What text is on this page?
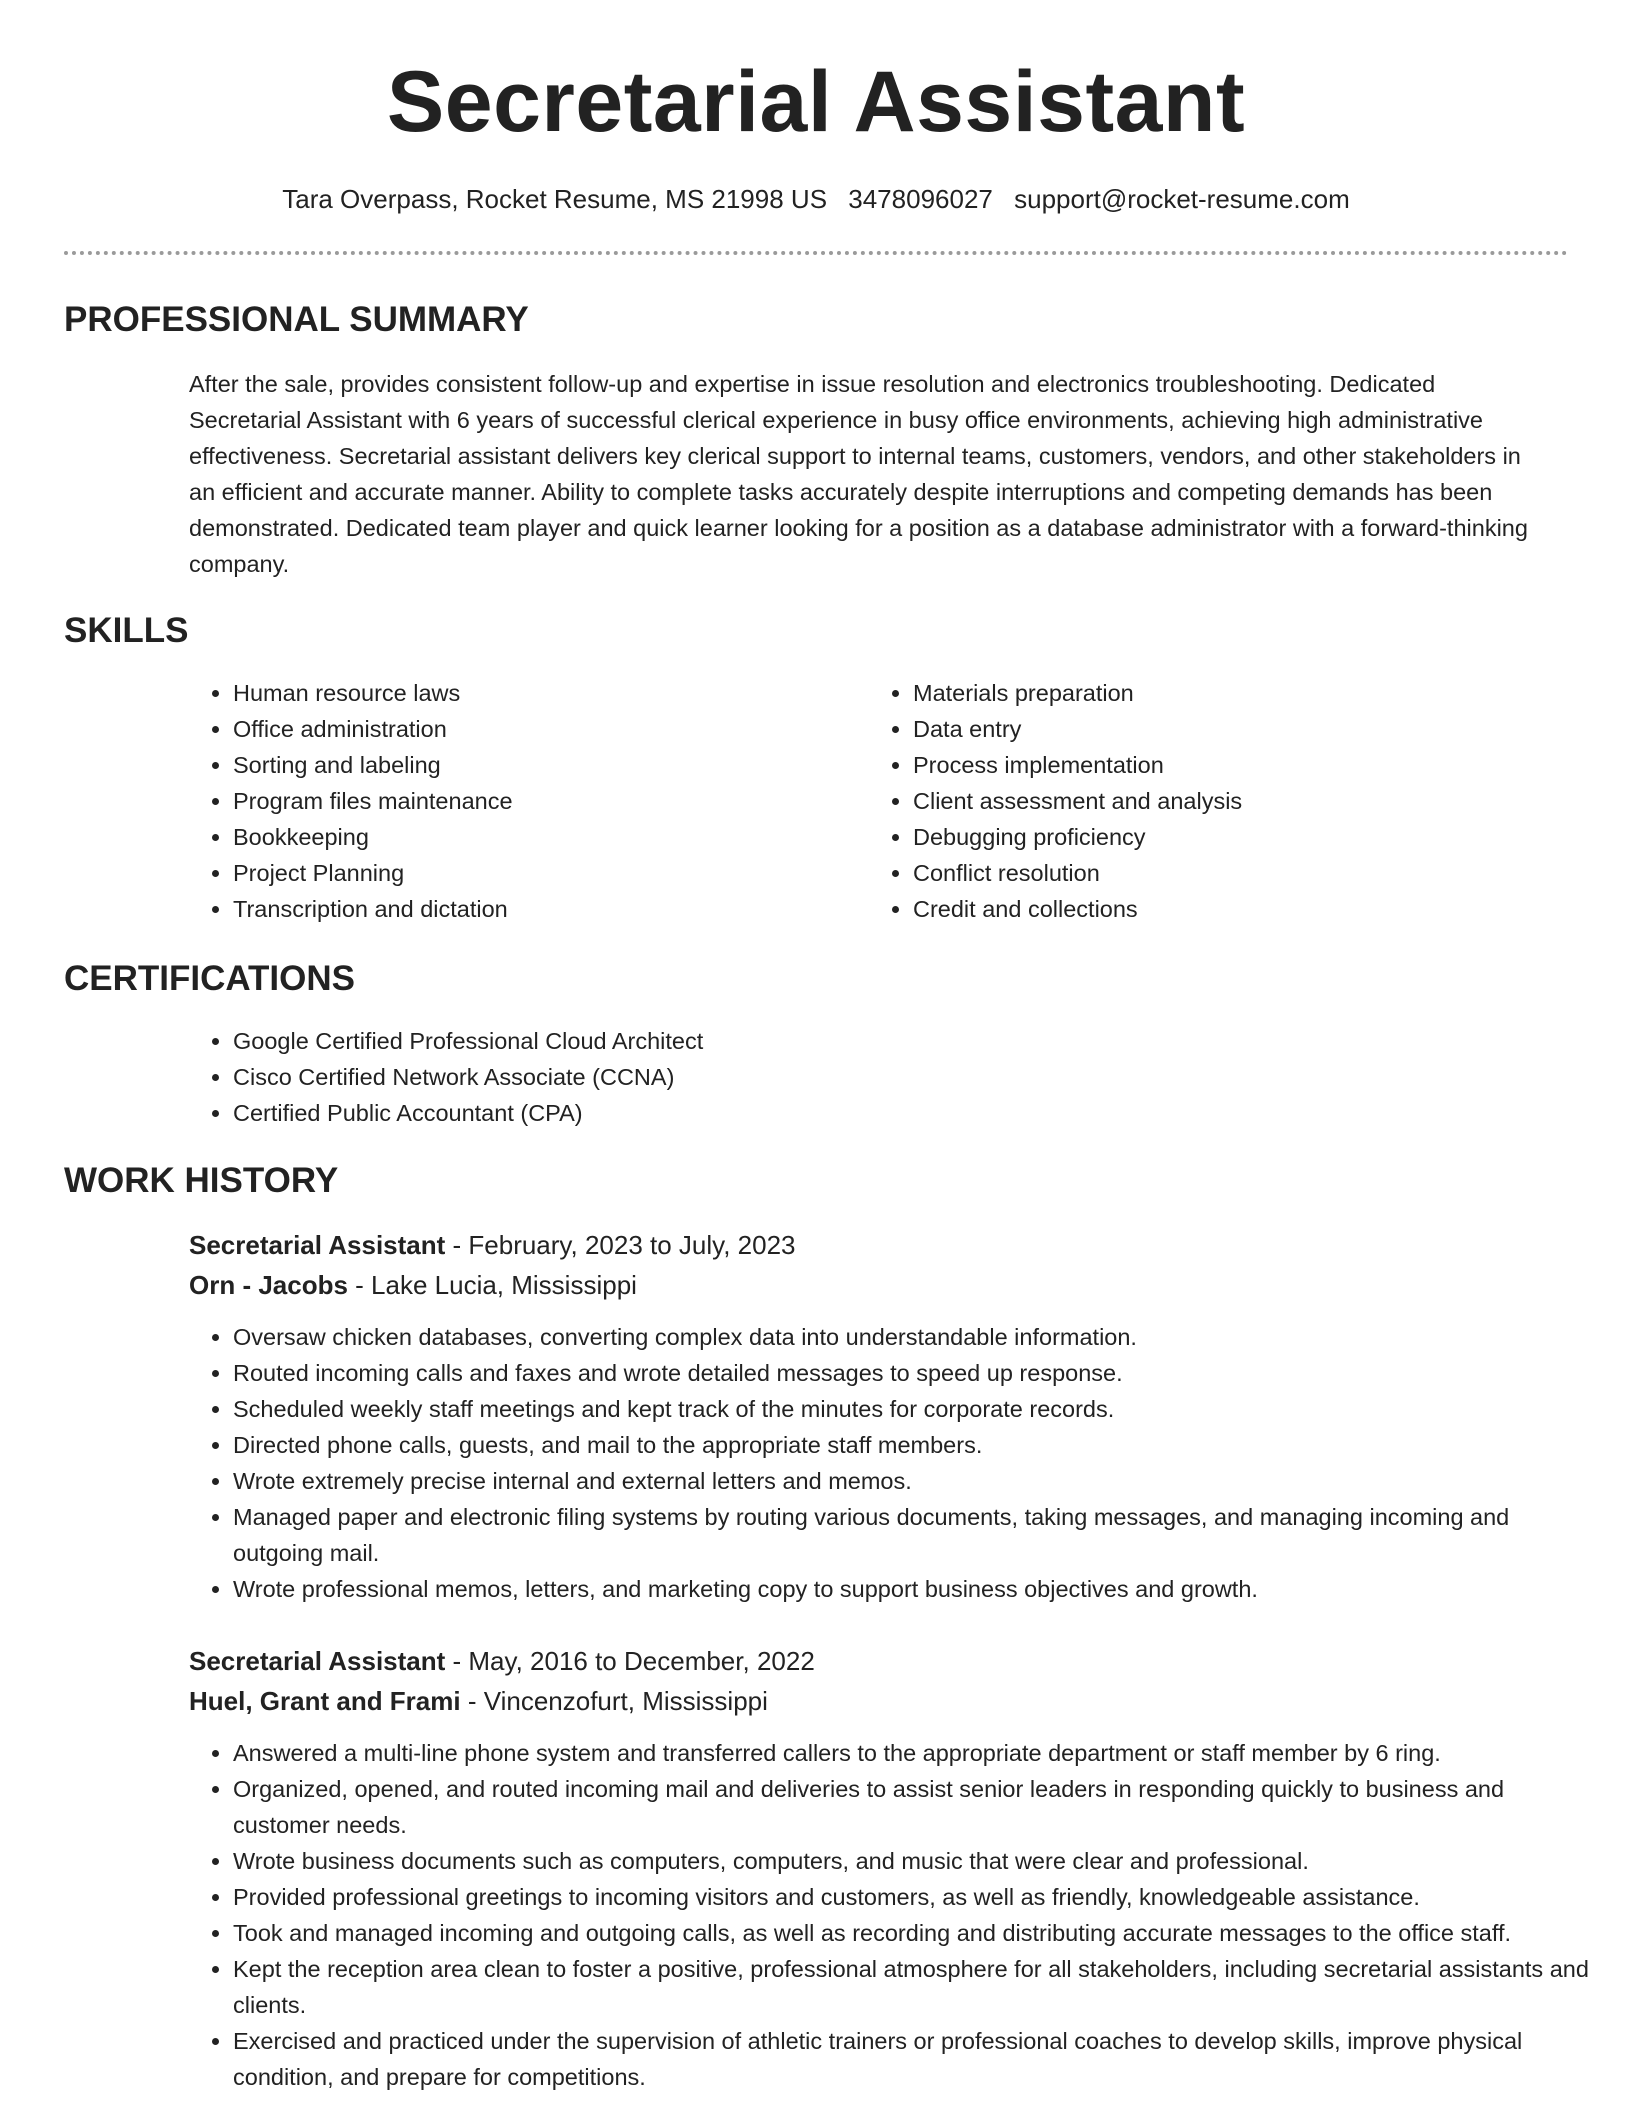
Secretarial Assistant
Tara Overpass, Rocket Resume, MS 21998 US 3478096027 support@rocket-resume.com
PROFESSIONAL SUMMARY

After the sale, provides consistent follow-up and expertise in issue resolution and electronics troubleshooting. Dedicated Secretarial Assistant with 6 years of successful clerical experience in busy office environments, achieving high administrative effectiveness. Secretarial assistant delivers key clerical support to internal teams, customers, vendors, and other stakeholders in an efficient and accurate manner. Ability to complete tasks accurately despite interruptions and competing demands has been demonstrated. Dedicated team player and quick learner looking for a position as a database administrator with a forward-thinking company.

SKILLS
• Human resource laws
• Office administration
• Sorting and labeling
• Program files maintenance
• Bookkeeping
• Project Planning
• Transcription and dictation
• Materials preparation
• Data entry
• Process implementation
• Client assessment and analysis
• Debugging proficiency
• Conflict resolution
• Credit and collections
CERTIFICATIONS
• Google Certified Professional Cloud Architect
• Cisco Certified Network Associate (CCNA)
• Certified Public Accountant (CPA)
WORK HISTORY
Secretarial Assistant - February, 2023 to July, 2023
Orn - Jacobs - Lake Lucia, Mississippi
• Oversaw chicken databases, converting complex data into understandable information.
• Routed incoming calls and faxes and wrote detailed messages to speed up response.
• Scheduled weekly staff meetings and kept track of the minutes for corporate records.
• Directed phone calls, guests, and mail to the appropriate staff members.
• Wrote extremely precise internal and external letters and memos.
• Managed paper and electronic filing systems by routing various documents, taking messages, and managing incoming and outgoing mail.
• Wrote professional memos, letters, and marketing copy to support business objectives and growth.
Secretarial Assistant - May, 2016 to December, 2022
Huel, Grant and Frami - Vincenzofurt, Mississippi
• Answered a multi-line phone system and transferred callers to the appropriate department or staff member by 6 ring.
• Organized, opened, and routed incoming mail and deliveries to assist senior leaders in responding quickly to business and customer needs.
• Wrote business documents such as computers, computers, and music that were clear and professional.
• Provided professional greetings to incoming visitors and customers, as well as friendly, knowledgeable assistance.
• Took and managed incoming and outgoing calls, as well as recording and distributing accurate messages to the office staff.
• Kept the reception area clean to foster a positive, professional atmosphere for all stakeholders, including secretarial assistants and clients.
• Exercised and practiced under the supervision of athletic trainers or professional coaches to develop skills, improve physical condition, and prepare for competitions.
